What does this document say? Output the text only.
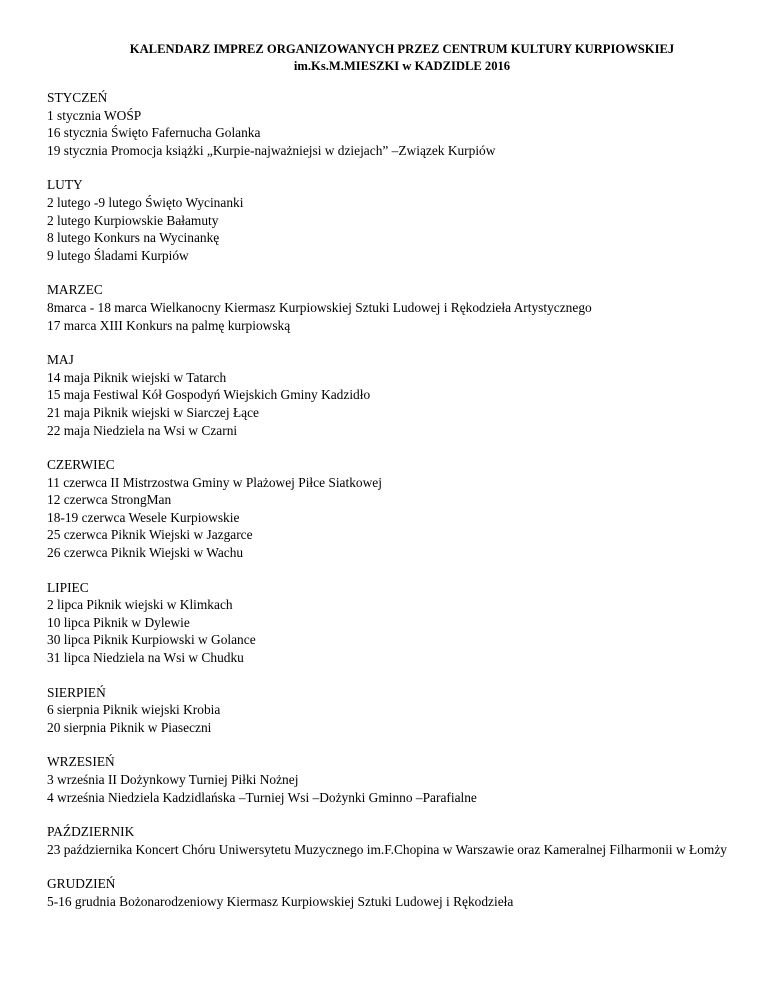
KALENDARZ IMPREZ ORGANIZOWANYCH PRZEZ CENTRUM KULTURY KURPIOWSKIEJ
im.Ks.M.MIESZKI w KADZIDLE 2016
STYCZEŃ
1 stycznia WOŚP
16 stycznia Święto Fafernucha Golanka
19 stycznia Promocja książki „Kurpie-najważniejsi w dziejach” –Związek Kurpiów
LUTY
2 lutego -9 lutego Święto Wycinanki
2 lutego Kurpiowskie Bałamuty
8 lutego Konkurs na Wycinankę
9 lutego Śladami Kurpiów
MARZEC
8marca - 18 marca Wielkanocny Kiermasz Kurpiowskiej Sztuki Ludowej i Rękodzieła Artystycznego
17 marca XIII Konkurs na palmę kurpiowską
MAJ
14 maja Piknik wiejski w Tatarch
15 maja Festiwal Kół Gospodyń Wiejskich Gminy Kadzidło
21 maja Piknik wiejski w Siarczej Łące
22 maja Niedziela na Wsi w Czarni
CZERWIEC
11 czerwca II Mistrzostwa Gminy w Plażowej Piłce Siatkowej
12 czerwca StrongMan
18-19 czerwca Wesele Kurpiowskie
25 czerwca Piknik Wiejski w Jazgarce
26 czerwca Piknik Wiejski w Wachu
LIPIEC
2 lipca Piknik wiejski w Klimkach
10 lipca Piknik w Dylewie
30 lipca Piknik Kurpiowski w Golance
31 lipca Niedziela na Wsi w Chudku
SIERPIEŃ
6 sierpnia Piknik wiejski Krobia
20 sierpnia Piknik w Piaseczni
WRZESIEŃ
3 września II Dożynkowy Turniej Piłki Nożnej
4 września Niedziela Kadzidlańska –Turniej Wsi –Dożynki Gminno –Parafialne
PAŹDZIERNIK
23 października Koncert Chóru Uniwersytetu Muzycznego im.F.Chopina w Warszawie oraz Kameralnej Filharmonii w Łomży
GRUDZIEŃ
5-16 grudnia Bożonarodzeniowy Kiermasz Kurpiowskiej Sztuki Ludowej i Rękodzieła
